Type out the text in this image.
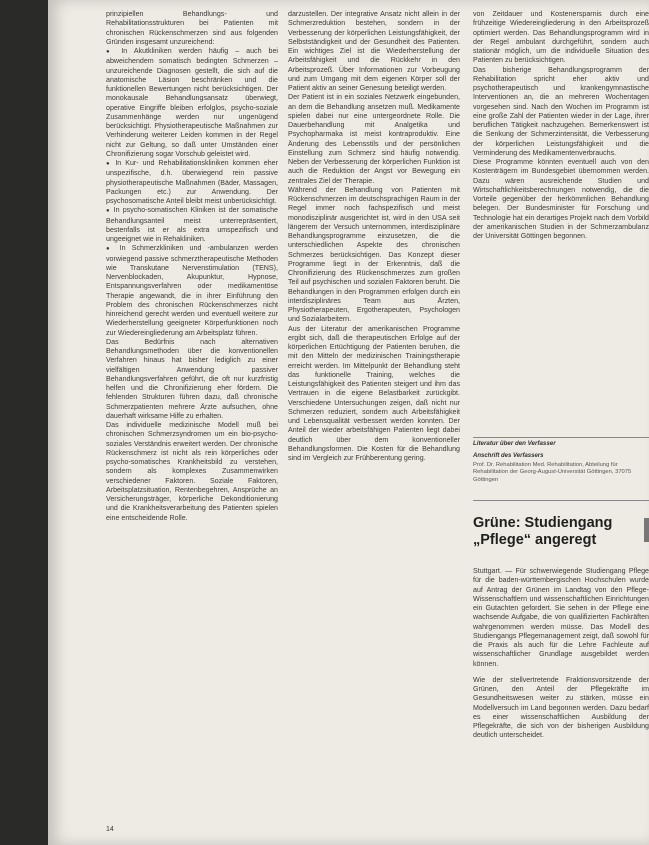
prinzipiellen Behandlungs- und Rehabilitationsstrukturen bei Patienten mit chronischen Rückenschmerzen sind aus folgenden Gründen insgesamt unzureichend:

● In Akutkliniken werden häufig – auch bei abweichendem somatisch bedingten Schmerzen – unzureichende Diagnosen gestellt, die sich auf die anatomische Läsion beschränken und die funktionellen Bewertungen nicht berücksichtigen. Der monokausale Behandlungsansatz überwiegt, operative Eingriffe bleiben erfolglos, psycho-soziale Zusammenhänge werden nur ungenügend berücksichtigt. Physiotherapeutische Maßnahmen zur Verhinderung weiterer Leiden kommen in der Regel nicht zur Geltung, so daß unter Umständen einer Chronifizierung sogar Vorschub geleistet wird.

● In Kur- und Rehabilitationskliniken kommen eher unspezifische, d.h. überwiegend rein passive physiotherapeutische Maßnahmen (Bäder, Massagen, Packungen etc.) zur Anwendung. Der psychosomatische Anteil bleibt meist unberücksichtigt.

● In psycho-somatischen Kliniken ist der somatische Behandlungsanteil meist unterrepräsentiert, bestenfalls ist er als extra umspezifisch und ungeeignet wie in Rehakliniken.

● In Schmerzkliniken und -ambulanzen werden vorwiegend passive schmerztherapeutische Methoden wie Transkutane Nervenstimulation (TENS), Nervenblockaden, Akupunktur, Hypnose, Entspannungsverfahren oder medikamentöse Therapie angewandt, die in ihrer Einführung den Problem des chronischen Rückenschmerzes nicht hinreichend gerecht werden und eventuell weitere zur Wiederherstellung geeigneter Körperfunktionen noch zur Wiedereingliederung am Arbeitsplatz führen.

Das Bedürfnis nach alternativen Behandlungsmethoden über die konventionellen Verfahren hinaus hat bisher lediglich zu einer vielfältigen Anwendung passiver Behandlungsverfahren geführt, die oft nur kurzfristig helfen und die Chronifizierung eher fördern. Die fehlenden Strukturen führen dazu, daß chronische Schmerzpatienten mehrere Ärzte aufsuchen, ohne dauerhaft wirksame Hilfe zu erhalten.

Das individuelle medizinische Modell muß bei chronischen Schmerzsyndromen um ein bio-psycho-soziales Verständnis erweitert werden. Der chronische Rückenschmerz ist nicht als rein körperliches oder psycho-somatisches Krankheitsbild zu verstehen, sondern als komplexes Zusammenwirken verschiedener Faktoren. Soziale Faktoren, Arbeitsplatzsituation, Rentenbegehren, Ansprüche an Versicherungsträger, körperliche Dekonditionierung und die Krankheitsverarbeitung des Patienten spielen eine entscheidende Rolle.

darzustellen. Der integrative Ansatz nicht allein in der Schmerzreduktion bestehen, sondern in der Verbesserung der körperlichen Leistungsfähigkeit, der Selbstständigkeit und der Gesundheit des Patienten. Ein wichtiges Ziel ist die Wiederherstellung der Arbeitsfähigkeit und die Rückkehr in den Arbeitsprozeß. Über Informationen zur Vorbeugung und zum Umgang mit dem eigenen Körper soll der Patient aktiv an seiner Genesung beteiligt werden.

Der Patient ist in ein soziales Netzwerk eingebunden, an dem die Behandlung ansetzen muß. Medikamente spielen dabei nur eine untergeordnete Rolle. Die Dauerbehandlung mit Analgetika und Psychopharmaka ist meist kontraproduktiv. Eine Änderung des Lebensstils und der persönlichen Einstellung zum Schmerz sind häufig notwendig. Neben der Verbesserung der körperlichen Funktion ist auch die Reduktion der Angst vor Bewegung ein zentrales Ziel der Therapie.

Während der Behandlung von Patienten mit Rückenschmerzen im deutschsprachigen Raum in der Regel immer noch fachspezifisch und meist monodisziplinär ausgerichtet ist, wird in den USA seit längerem der Versuch unternommen, interdisziplinäre Behandlungsprogramme einzusetzen, die die unterschiedlichen Aspekte des chronischen Schmerzes berücksichtigen. Das Konzept dieser Programme liegt in der Erkenntnis, daß die Chronifizierung des Rückenschmerzes zum großen Teil auf psychischen und sozialen Faktoren beruht. Die Behandlungen in den Programmen erfolgen durch ein interdisziplinäres Team aus Ärzten, Physiotherapeuten, Ergotherapeuten, Psychologen und Sozialarbeitern.

Aus der Literatur der amerikanischen Programme ergibt sich, daß die therapeutischen Erfolge auf der körperlichen Ertüchtigung der Patienten beruhen, die mit den Mitteln der medizinischen Trainingstherapie erreicht werden. Im Mittelpunkt der Behandlung steht das funktionelle Training, welches die Leistungsfähigkeit des Patienten steigert und ihm das Vertrauen in die eigene Belastbarkeit zurückgibt. Verschiedene Untersuchungen zeigen, daß nicht nur Schmerzen reduziert, sondern auch Arbeitsfähigkeit und Lebensqualität verbessert werden konnten. Der Anteil der wieder arbeitsfähigen Patienten liegt dabei deutlich über dem konventioneller Behandlungsformen. Die Kosten für die Behandlung sind im Vergleich zur Frühberentung gering.

von Zeitdauer und Kostenersparnis durch eine frühzeitige Wiedereingliederung in den Arbeitsprozeß optimiert werden. Das Behandlungsprogramm wird in der Regel ambulant durchgeführt, sondern auch stationär möglich, um die individuelle Situation des Patienten zu berücksichtigen.

Das bisherige Behandlungsprogramm der Rehabilitation spricht eher aktiv und psychotherapeutisch und krankengymnastische Interventionen an, die an mehreren Wochentagen vorgesehen sind. Nach den Wochen im Programm ist eine große Zahl der Patienten wieder in der Lage, ihrer beruflichen Tätigkeit nachzugehen. Bemerkenswert ist die Senkung der Schmerzintensität, die Verbesserung der körperlichen Leistungsfähigkeit und die Verminderung des Medikamentenverbrauchs.

Diese Programme könnten eventuell auch von den Kostenträgern im Bundesgebiet übernommen werden. Dazu wären ausreichende Studien und Wirtschaftlichkeitsberechnungen notwendig, die die Vorteile gegenüber der herkömmlichen Behandlung belegen. Der Bundesminister für Forschung und Technologie hat ein derartiges Projekt nach dem Vorbild der amerikanischen Studien in der Schmerzambulanz der Universität Göttingen begonnen.

Literatur über den Verfasser
Anschrift des Verfassers
Prof. Dr. Rehabilitation Med. Rehabilitation, Abteilung für Rehabilitation der Georg-August-Universität Göttingen, 37075 Göttingen
Grüne: Studiengang „Pflege“ angeregt

Stuttgart. — Für schwerwiegende Studiengang Pflege für die baden-württembergischen Hochschulen wurde auf Antrag der Grünen im Landtag von den Pflege-Wissenschaftlern und wissenschaftlichen Einrichtungen ein Gutachten gefordert. Sie sehen in der Pflege eine wachsende Aufgabe, die von qualifizierten Fachkräften wahrgenommen werden müsse. Das Modell des Studiengangs Pflegemanagement zeigt, daß sowohl für die Praxis als auch für die Lehre Fachleute auf wissenschaftlicher Grundlage ausgebildet werden können.

Wie der stellvertretende Fraktionsvorsitzende der Grünen, den Anteil der Pflegekräfte im Gesundheitswesen weiter zu stärken, müsse ein Modellversuch im Land begonnen werden. Dazu bedarf es einer wissenschaftlichen Ausbildung der Pflegekräfte, die sich von der bisherigen Ausbildung deutlich unterscheidet.

14
